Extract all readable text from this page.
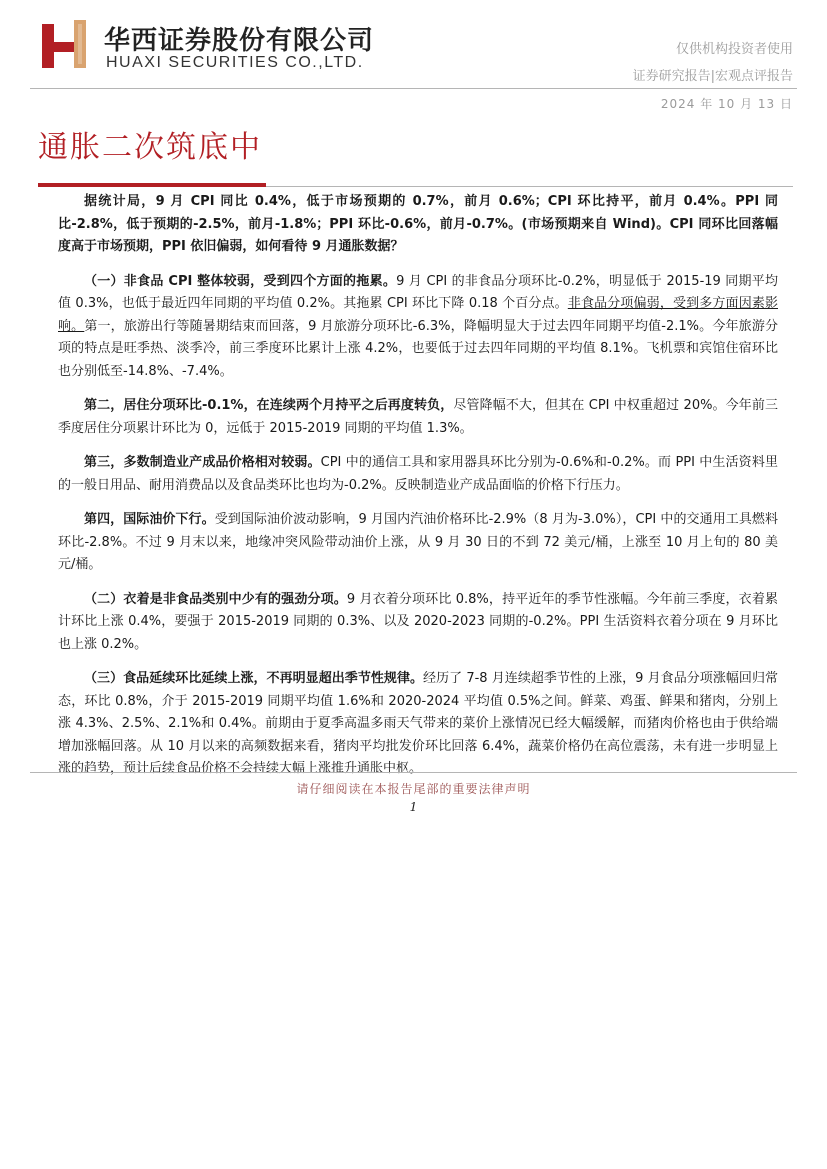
华西证券股份有限公司
HUAXI SECURITIES CO.,LTD.
仅供机构投资者使用
证券研究报告|宏观点评报告
2024 年 10 月 13 日
通胀二次筑底中

据统计局，9 月 CPI 同比 0.4%，低于市场预期的 0.7%，前月 0.6%；CPI 环比持平，前月 0.4%。PPI 同比-2.8%，低于预期的-2.5%，前月-1.8%；PPI 环比-0.6%，前月-0.7%。(市场预期来自 Wind)。CPI 同环比回落幅度高于市场预期，PPI 依旧偏弱，如何看待 9 月通胀数据？

（一）非食品 CPI 整体较弱，受到四个方面的拖累。9 月 CPI 的非食品分项环比-0.2%，明显低于 2015-19 同期平均值 0.3%，也低于最近四年同期的平均值 0.2%。其拖累 CPI 环比下降 0.18 个百分点。非食品分项偏弱，受到多方面因素影响。第一，旅游出行等随暑期结束而回落，9 月旅游分项环比-6.3%，降幅明显大于过去四年同期平均值-2.1%。今年旅游分项的特点是旺季热、淡季冷，前三季度环比累计上涨 4.2%，也要低于过去四年同期的平均值 8.1%。飞机票和宾馆住宿环比也分别低至-14.8%、-7.4%。

第二，居住分项环比-0.1%，在连续两个月持平之后再度转负，尽管降幅不大，但其在 CPI 中权重超过 20%。今年前三季度居住分项累计环比为 0，远低于 2015-2019 同期的平均值 1.3%。

第三，多数制造业产成品价格相对较弱。CPI 中的通信工具和家用器具环比分别为-0.6%和-0.2%。而 PPI 中生活资料里的一般日用品、耐用消费品以及食品类环比也均为-0.2%。反映制造业产成品面临的价格下行压力。

第四，国际油价下行。受到国际油价波动影响，9 月国内汽油价格环比-2.9%（8 月为-3.0%），CPI 中的交通用工具燃料环比-2.8%。不过 9 月末以来，地缘冲突风险带动油价上涨，从 9 月 30 日的不到 72 美元/桶，上涨至 10 月上旬的 80 美元/桶。

（二）衣着是非食品类别中少有的强劲分项。9 月衣着分项环比 0.8%，持平近年的季节性涨幅。今年前三季度，衣着累计环比上涨 0.4%，要强于 2015-2019 同期的 0.3%、以及 2020-2023 同期的-0.2%。PPI 生活资料衣着分项在 9 月环比也上涨 0.2%。

（三）食品延续环比延续上涨，不再明显超出季节性规律。经历了 7-8 月连续超季节性的上涨，9 月食品分项涨幅回归常态，环比 0.8%，介于 2015-2019 同期平均值 1.6%和 2020-2024 平均值 0.5%之间。鲜菜、鸡蛋、鲜果和猪肉，分别上涨 4.3%、2.5%、2.1%和 0.4%。前期由于夏季高温多雨天气带来的菜价上涨情况已经大幅缓解，而猪肉价格也由于供给端增加涨幅回落。从 10 月以来的高频数据来看，猪肉平均批发价环比回落 6.4%，蔬菜价格仍在高位震荡，未有进一步明显上涨的趋势，预计后续食品价格不会持续大幅上涨推升通胀中枢。

请仔细阅读在本报告尾部的重要法律声明
1
